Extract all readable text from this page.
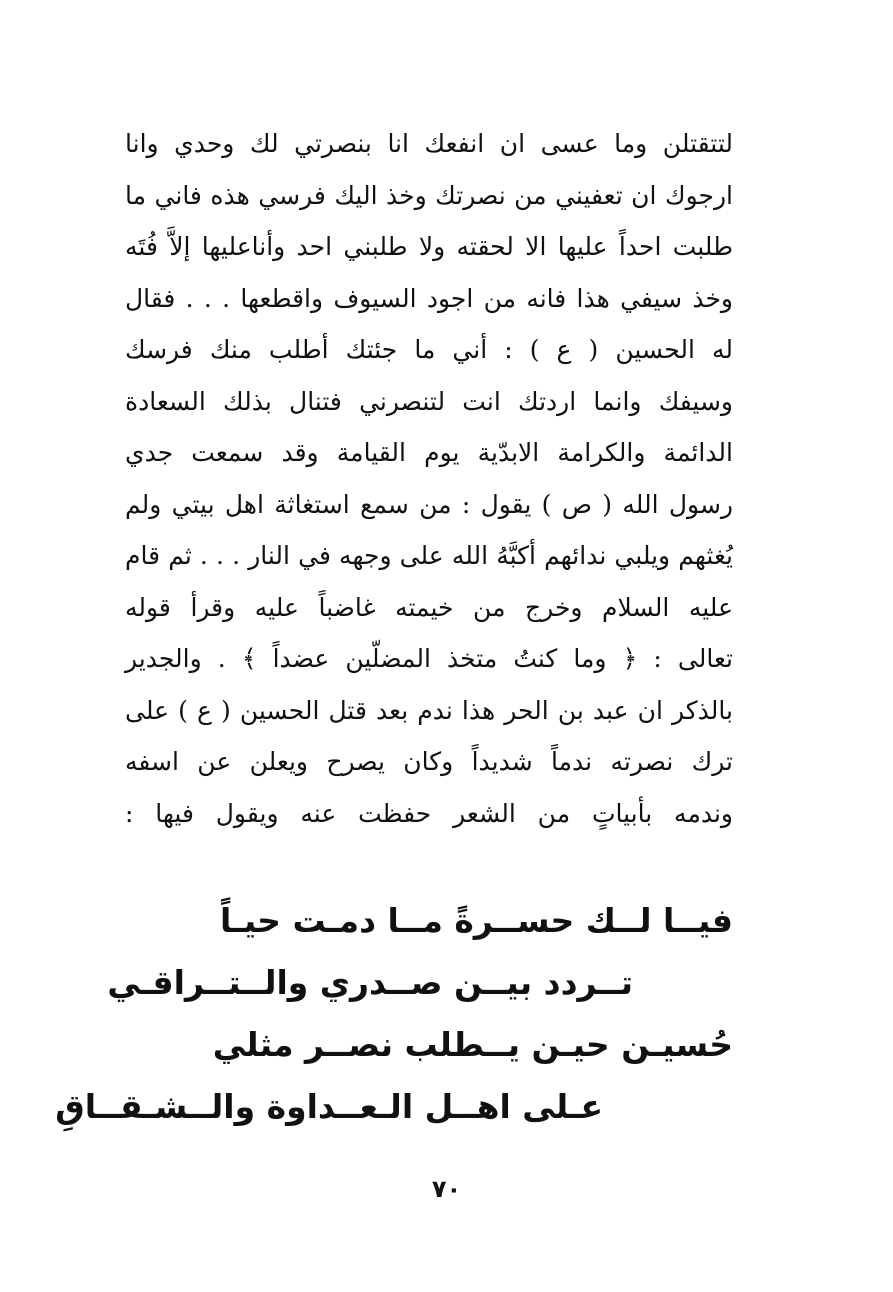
لتتقتلن وما عسى ان انفعك انا بنصرتي لك وحدي وانا
ارجوك ان تعفيني من نصرتك وخذ اليك فرسي هذه فاني ما
طلبت احداً عليها الا لحقته ولا طلبني احد وأناعليها إلاَّ فُتَه
وخذ سيفي هذا فانه من اجود السيوف واقطعها . . . فقال
له الحسين ( ع ) : أني ما جئتك أطلب منك فرسك
وسيفك وانما اردتك انت لتنصرني فتنال بذلك السعادة
الدائمة والكرامة الابدّية يوم القيامة وقد سمعت جدي
رسول الله ( ص ) يقول : من سمع استغاثة اهل بيتي ولم
يُغثهم ويلبي ندائهم أكبَّهُ الله على وجهه في النار . . . ثم قام
عليه السلام وخرج من خيمته غاضباً عليه وقرأ قوله
تعالى : ﴿ وما كنتُ متخذ المضلّين عضداً ﴾ . والجدير
بالذكر ان عبد بن الحر هذا ندم بعد قتل الحسين ( ع ) على
ترك نصرته ندماً شديداً وكان يصرح ويعلن عن اسفه
وندمه بأبياتٍ من الشعر حفظت عنه ويقول فيها :
فيــا لــك حســرةً مــا دمـت حيـاً
تــردد بيــن صــدري والــتــراقـي
حُسيـن حيـن يــطلب نصــر مثلي
عـلى اهــل الـعــداوة والــشـقــاقِ
٧٠
